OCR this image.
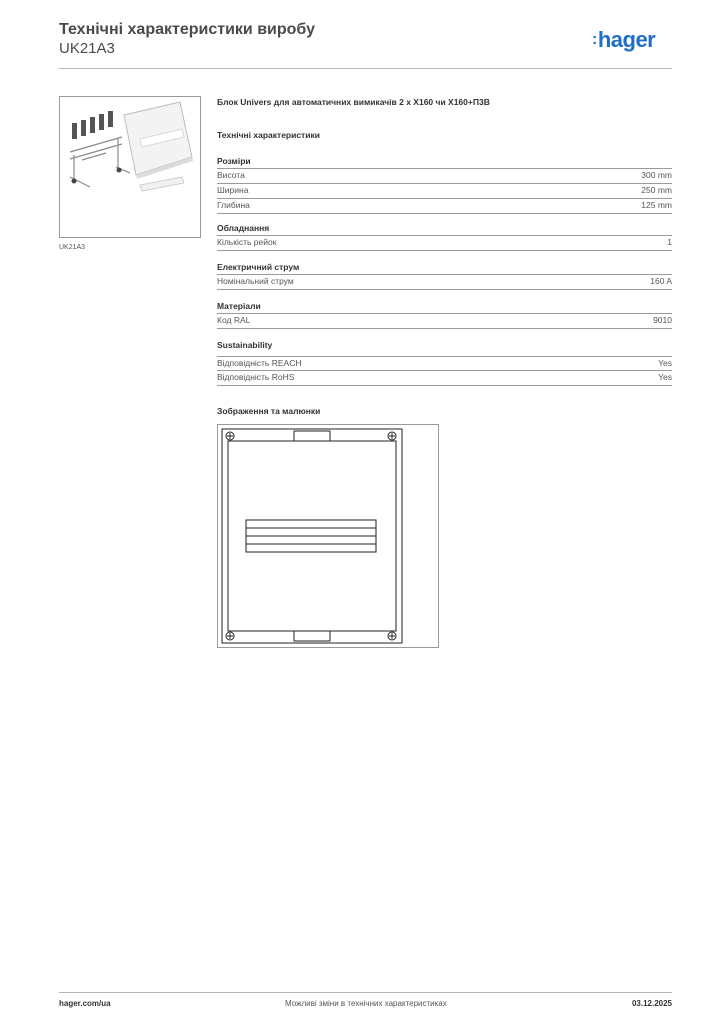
Технічні характеристики виробу
UK21A3
:hager
UK21A3
Блок Univers для автоматичних вимикачів 2 x X160 чи X160+П3В
Технічні характеристики
Розміри
Висота	300 mm
Ширина	250 mm
Глибина	125 mm
Обладнання
Кількість рейок	1
Електричний струм
Номінальний струм	160 A
Матеріали
Код RAL	9010
Sustainability
Відповідність REACH	Yes
Відповідність RoHS	Yes
Зображення та малюнки
hager.com/ua	Можливі зміни в технічних характеристиках	03.12.2025
